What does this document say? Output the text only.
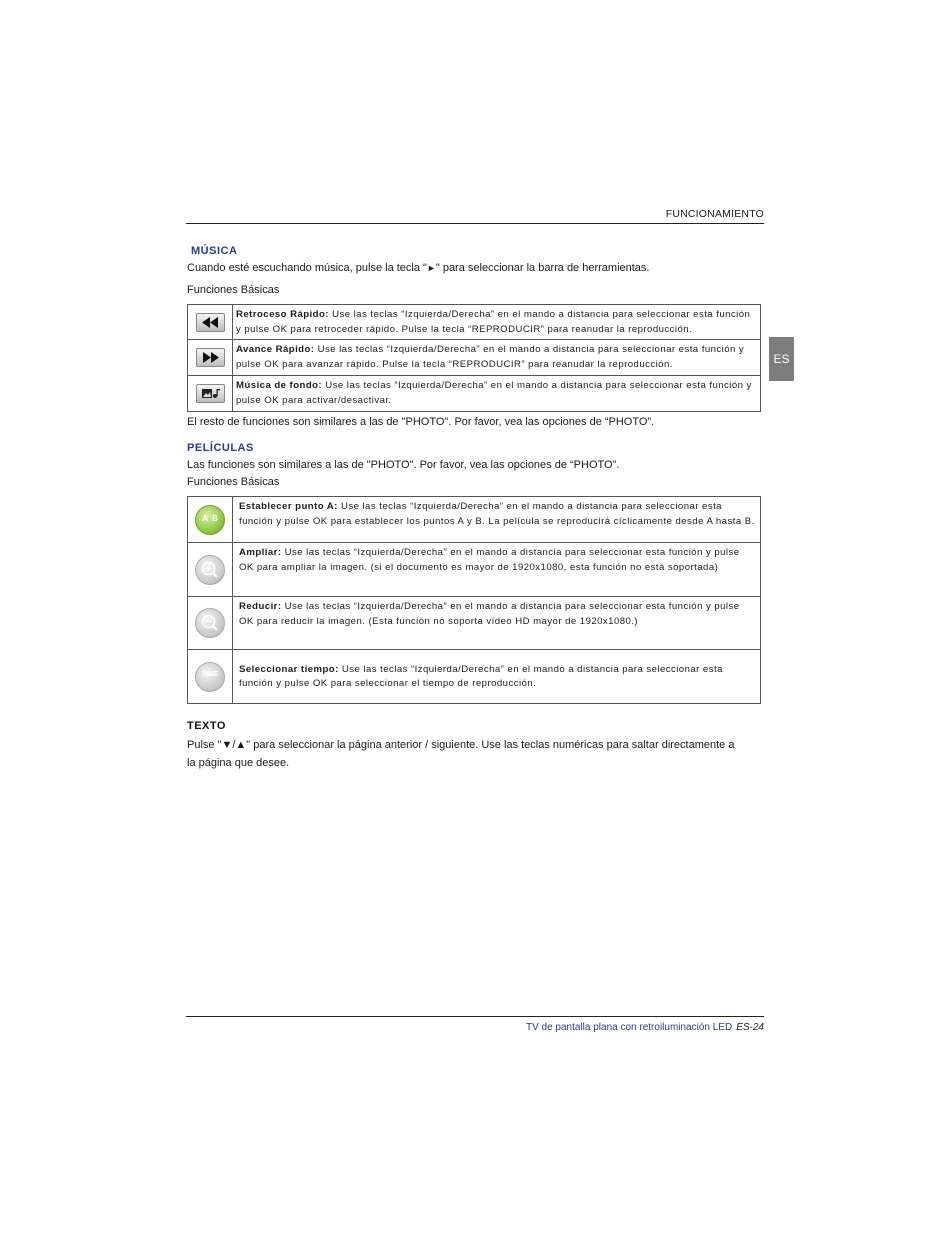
FUNCIONAMIENTO
ES
MÚSICA
Cuando esté escuchando música, pulse la tecla "►" para seleccionar la barra de herramientas.
Funciones Básicas
	Retroceso Rápido: Use las teclas “Izquierda/Derecha” en el mando a distancia para seleccionar esta función y pulse OK para retroceder rápido. Pulse la tecla “REPRODUCIR” para reanudar la reproducción.
	Avance Rápido: Use las teclas “Izquierda/Derecha” en el mando a distancia para seleccionar esta función y pulse OK para avanzar rápido. Pulse la tecla “REPRODUCIR” para reanudar la reproducción.
	Música de fondo: Use las teclas “Izquierda/Derecha” en el mando a distancia para seleccionar esta función y pulse OK para activar/desactivar.
El resto de funciones son similares a las de "PHOTO". Por favor, vea las opciones de “PHOTO”.
PELÍCULAS
Las funciones son similares a las de "PHOTO". Por favor, vea las opciones de “PHOTO”.
Funciones Básicas
A  B	Establecer punto A: Use las teclas “Izquierda/Derecha” en el mando a distancia para seleccionar esta función y pulse OK para establecer los puntos A y B. La película se reproducirá cíclicamente desde A hasta B.
	Ampliar: Use las teclas “Izquierda/Derecha” en el mando a distancia para seleccionar esta función y pulse OK para ampliar la imagen. (si el documento es mayor de 1920x1080, esta función no está soportada)
	Reducir: Use las teclas “Izquierda/Derecha” en el mando a distancia para seleccionar esta función y pulse OK para reducir la imagen. (Esta función no soporta vídeo HD mayor de 1920x1080.)

TIME	Seleccionar tiempo: Use las teclas “Izquierda/Derecha” en el mando a distancia para seleccionar esta función y pulse OK para seleccionar el tiempo de reproducción.
TEXTO
Pulse "▼/▲" para seleccionar la página anterior / siguiente. Use las teclas numéricas para saltar directamente a
la página que desee.
TV de pantalla plana con retroiluminación LED ES-24
